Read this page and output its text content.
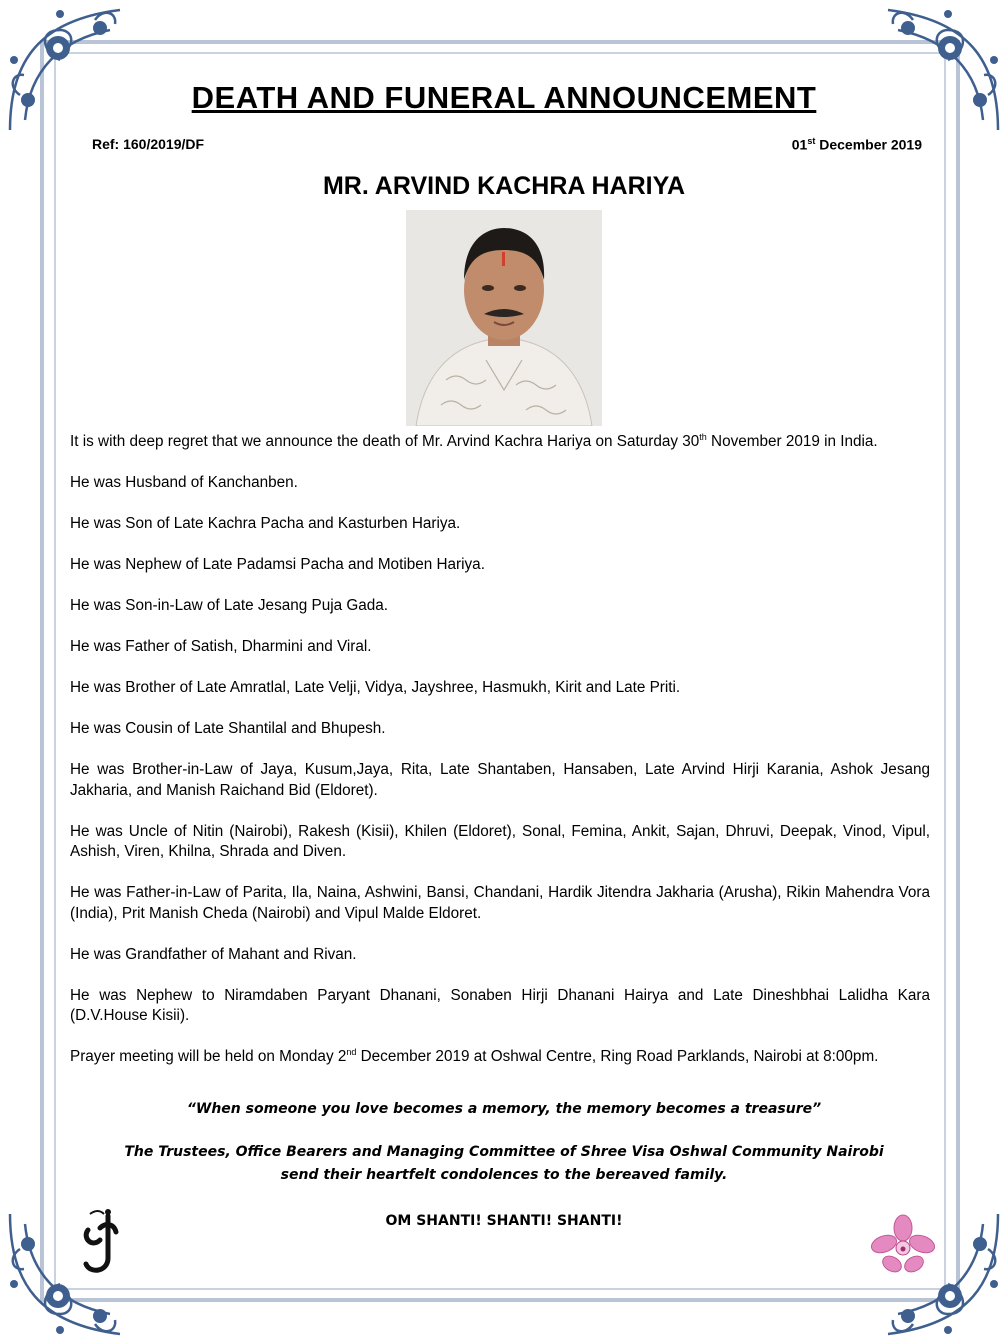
DEATH AND FUNERAL ANNOUNCEMENT
Ref: 160/2019/DF	01st December 2019
MR. ARVIND KACHRA HARIYA

It is with deep regret that we announce the death of Mr. Arvind Kachra Hariya on Saturday 30th November 2019 in India.

He was Husband of Kanchanben.

He was Son of Late Kachra Pacha and Kasturben Hariya.

He was Nephew of Late Padamsi Pacha and Motiben Hariya.

He was Son-in-Law of Late Jesang Puja Gada.

He was Father of Satish, Dharmini and Viral.

He was Brother of Late Amratlal, Late Velji, Vidya, Jayshree, Hasmukh, Kirit and Late Priti.

He was Cousin of Late Shantilal and Bhupesh.

He was Brother-in-Law of Jaya, Kusum,Jaya, Rita, Late Shantaben, Hansaben, Late Arvind Hirji Karania, Ashok Jesang Jakharia, and Manish Raichand Bid (Eldoret).

He was Uncle of Nitin (Nairobi), Rakesh (Kisii), Khilen (Eldoret), Sonal, Femina, Ankit, Sajan, Dhruvi, Deepak, Vinod, Vipul, Ashish, Viren, Khilna, Shrada and Diven.

He was Father-in-Law of Parita, Ila, Naina, Ashwini, Bansi, Chandani, Hardik Jitendra Jakharia (Arusha), Rikin Mahendra Vora (India), Prit Manish Cheda (Nairobi) and Vipul Malde Eldoret.

He was Grandfather of Mahant and Rivan.

He was Nephew to Niramdaben Paryant Dhanani, Sonaben Hirji Dhanani Hairya and Late Dineshbhai Lalidha Kara (D.V.House Kisii).

Prayer meeting will be held on Monday 2nd December 2019 at Oshwal Centre, Ring Road Parklands, Nairobi at 8:00pm.

“When someone you love becomes a memory, the memory becomes a treasure”
The Trustees, Office Bearers and Managing Committee of Shree Visa Oshwal Community Nairobi
send their heartfelt condolences to the bereaved family.
OM SHANTI! SHANTI! SHANTI!
